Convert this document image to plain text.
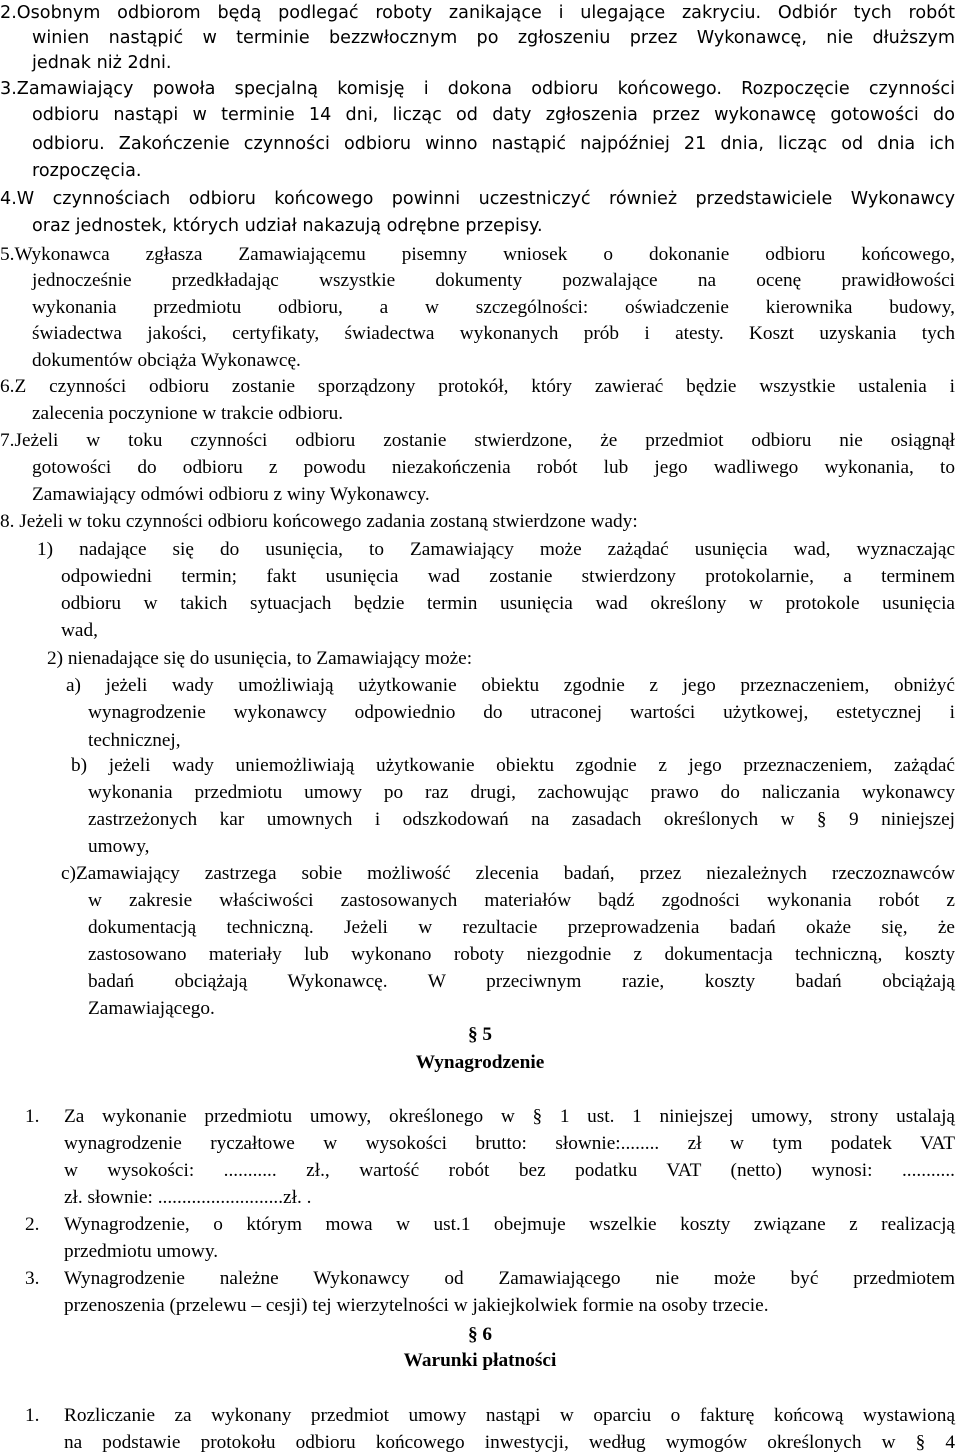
2.Osobnym odbiorom będą podlegać roboty zanikające i ulegające zakryciu. Odbiór tych robót
winien nastąpić w terminie bezzwłocznym po zgłoszeniu przez Wykonawcę, nie dłuższym
jednak niż 2dni.
3.Zamawiający powoła specjalną komisję i dokona odbioru końcowego. Rozpoczęcie czynności
odbioru nastąpi w terminie 14 dni, licząc od daty zgłoszenia przez wykonawcę gotowości do
odbioru. Zakończenie czynności odbioru winno nastąpić najpóźniej 21 dnia, licząc od dnia ich
rozpoczęcia.
4.W czynnościach odbioru końcowego powinni uczestniczyć również przedstawiciele Wykonawcy
oraz jednostek, których udział nakazują odrębne przepisy.
5.Wykonawca zgłasza Zamawiającemu pisemny wniosek o dokonanie odbioru końcowego,
jednocześnie przedkładając wszystkie dokumenty pozwalające na ocenę prawidłowości
wykonania przedmiotu odbioru, a w szczególności: oświadczenie kierownika budowy,
świadectwa jakości, certyfikaty, świadectwa wykonanych prób i atesty. Koszt uzyskania tych
dokumentów obciąża Wykonawcę.
6.Z czynności odbioru zostanie sporządzony protokół, który zawierać będzie wszystkie ustalenia i
zalecenia poczynione w trakcie odbioru.
7.Jeżeli w toku czynności odbioru zostanie stwierdzone, że przedmiot odbioru nie osiągnął
gotowości do odbioru z powodu niezakończenia robót lub jego wadliwego wykonania, to
Zamawiający odmówi odbioru z winy Wykonawcy.
8. Jeżeli w toku czynności odbioru końcowego zadania zostaną stwierdzone wady:
1) nadające się do usunięcia, to Zamawiający może zażądać usunięcia wad, wyznaczając
odpowiedni termin; fakt usunięcia wad zostanie stwierdzony protokolarnie, a terminem
odbioru w takich sytuacjach będzie termin usunięcia wad określony w protokole usunięcia
wad,
2) nienadające się do usunięcia, to Zamawiający może:
a) jeżeli wady umożliwiają użytkowanie obiektu zgodnie z jego przeznaczeniem, obniżyć
wynagrodzenie wykonawcy odpowiednio do utraconej wartości użytkowej, estetycznej i
technicznej,
b) jeżeli wady uniemożliwiają użytkowanie obiektu zgodnie z jego przeznaczeniem, zażądać
wykonania przedmiotu umowy po raz drugi, zachowując prawo do naliczania wykonawcy
zastrzeżonych kar umownych i odszkodowań na zasadach określonych w § 9 niniejszej
umowy,
c)Zamawiający zastrzega sobie możliwość zlecenia badań, przez niezależnych rzeczoznawców
w zakresie właściwości zastosowanych materiałów bądź zgodności wykonania robót z
dokumentacją techniczną. Jeżeli w rezultacie przeprowadzenia badań okaże się, że
zastosowano materiały lub wykonano roboty niezgodnie z dokumentacja techniczną, koszty
badań obciążają Wykonawcę. W przeciwnym razie, koszty badań obciążają
Zamawiającego.
§ 5
Wynagrodzenie
1. Za wykonanie przedmiotu umowy, określonego w § 1 ust. 1 niniejszej umowy, strony ustalają
wynagrodzenie ryczałtowe w wysokości brutto: słownie:........ zł w tym podatek VAT
w wysokości: ........... zł., wartość robót bez podatku VAT (netto) wynosi: ...........
zł. słownie: ..........................zł. .
2. Wynagrodzenie, o którym mowa w ust.1 obejmuje wszelkie koszty związane z realizacją
przedmiotu umowy.
3. Wynagrodzenie należne Wykonawcy od Zamawiającego nie może być przedmiotem
przenoszenia (przelewu – cesji) tej wierzytelności w jakiejkolwiek formie na osoby trzecie.
§ 6
Warunki płatności
1. Rozliczanie za wykonany przedmiot umowy nastąpi w oparciu o fakturę końcową wystawioną
na podstawie protokołu odbioru końcowego inwestycji, według wymogów określonych w § 4
